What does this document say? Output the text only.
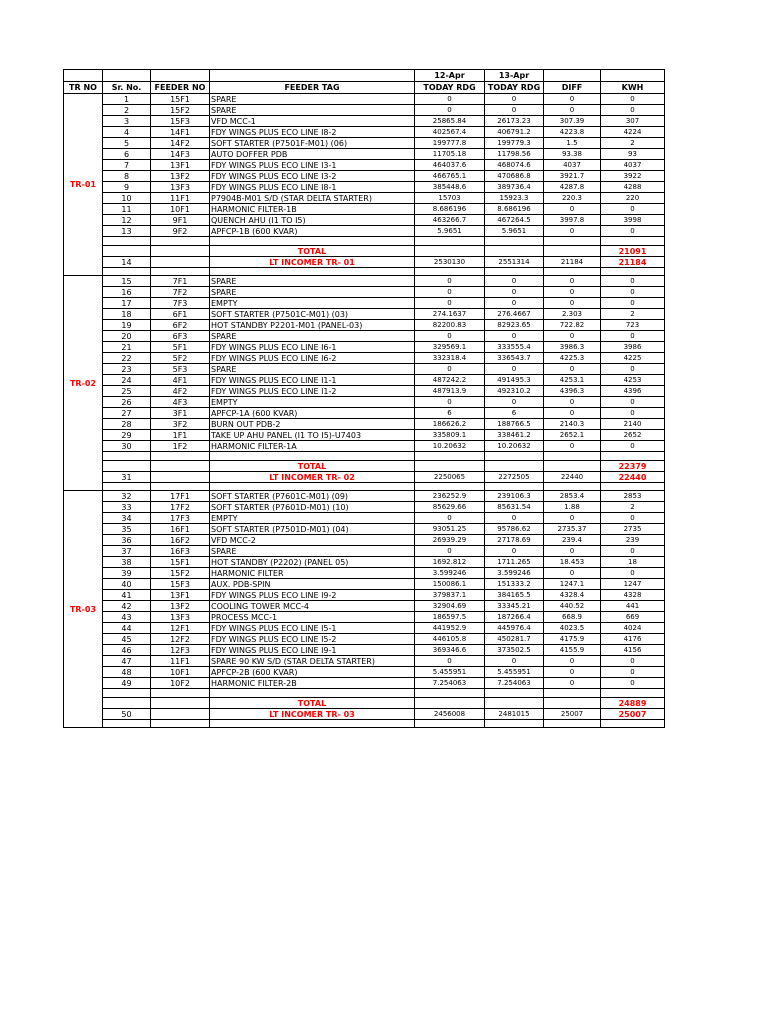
				12-Apr	13-Apr		
TR NO	Sr. No.	FEEDER NO	FEEDER TAG	TODAY RDG	TODAY RDG	DIFF	KWH
TR-01	1	15F1	SPARE	0	0	0	0
	2	15F2	SPARE	0	0	0	0
	3	15F3	VFD MCC-1	25865.84	26173.23	307.39	307
	4	14F1	FDY WINGS PLUS ECO LINE I8-2	402567.4	406791.2	4223.8	4224
	5	14F2	SOFT STARTER (P7501F-M01) (06)	199777.8	199779.3	1.5	2
	6	14F3	AUTO DOFFER PDB	11705.18	11798.56	93.38	93
	7	13F1	FDY WINGS PLUS ECO LINE I3-1	464037.6	468074.6	4037	4037
	8	13F2	FDY WINGS PLUS ECO LINE I3-2	466765.1	470686.8	3921.7	3922
	9	13F3	FDY WINGS PLUS ECO LINE I8-1	385448.6	389736.4	4287.8	4288
	10	11F1	P7904B-M01 S/D (STAR DELTA STARTER)	15703	15923.3	220.3	220
	11	10F1	HARMONIC FILTER-1B	8.686196	8.686196	0	0
	12	9F1	QUENCH AHU (I1 TO I5)	463266.7	467264.5	3997.8	3998
	13	9F2	APFCP-1B (600 KVAR)	5.9651	5.9651	0	0

			TOTAL				21091
	14		LT INCOMER TR- 01	2530130	2551314	21184	21184

TR-02	15	7F1	SPARE	0	0	0	0
	16	7F2	SPARE	0	0	0	0
	17	7F3	EMPTY	0	0	0	0
	18	6F1	SOFT STARTER (P7501C-M01) (03)	274.1637	276.4667	2.303	2
	19	6F2	HOT STANDBY P2201-M01 (PANEL-03)	82200.83	82923.65	722.82	723
	20	6F3	SPARE	0	0	0	0
	21	5F1	FDY WINGS PLUS ECO LINE I6-1	329569.1	333555.4	3986.3	3986
	22	5F2	FDY WINGS PLUS ECO LINE I6-2	332318.4	336543.7	4225.3	4225
	23	5F3	SPARE	0	0	0	0
	24	4F1	FDY WINGS PLUS ECO LINE I1-1	487242.2	491495.3	4253.1	4253
	25	4F2	FDY WINGS PLUS ECO LINE I1-2	487913.9	492310.2	4396.3	4396
	26	4F3	EMPTY	0	0	0	0
	27	3F1	APFCP-1A (600 KVAR)	6	6	0	0
	28	3F2	BURN OUT PDB-2	186626.2	188766.5	2140.3	2140
	29	1F1	TAKE UP AHU PANEL (I1 TO I5)-U7403	335809.1	338461.2	2652.1	2652
	30	1F2	HARMONIC FILTER-1A	10.20632	10.20632	0	0

			TOTAL				22379
	31		LT INCOMER TR- 02	2250065	2272505	22440	22440

TR-03	32	17F1	SOFT STARTER (P7601C-M01) (09)	236252.9	239106.3	2853.4	2853
	33	17F2	SOFT STARTER (P7601D-M01) (10)	85629.66	85631.54	1.88	2
	34	17F3	EMPTY	0	0	0	0
	35	16F1	SOFT STARTER (P7501D-M01) (04)	93051.25	95786.62	2735.37	2735
	36	16F2	VFD MCC-2	26939.29	27178.69	239.4	239
	37	16F3	SPARE	0	0	0	0
	38	15F1	HOT STANDBY (P2202) (PANEL 05)	1692.812	1711.265	18.453	18
	39	15F2	HARMONIC FILTER	3.599246	3.599246	0	0
	40	15F3	AUX. PDB-SPIN	150086.1	151333.2	1247.1	1247
	41	13F1	FDY WINGS PLUS ECO LINE I9-2	379837.1	384165.5	4328.4	4328
	42	13F2	COOLING TOWER MCC-4	32904.69	33345.21	440.52	441
	43	13F3	PROCESS MCC-1	186597.5	187266.4	668.9	669
	44	12F1	FDY WINGS PLUS ECO LINE I5-1	441952.9	445976.4	4023.5	4024
	45	12F2	FDY WINGS PLUS ECO LINE I5-2	446105.8	450281.7	4175.9	4176
	46	12F3	FDY WINGS PLUS ECO LINE I9-1	369346.6	373502.5	4155.9	4156
	47	11F1	SPARE 90 KW S/D (STAR DELTA STARTER)	0	0	0	0
	48	10F1	APFCP-2B (600 KVAR)	5.455951	5.455951	0	0
	49	10F2	HARMONIC FILTER-2B	7.254063	7.254063	0	0

			TOTAL				24889
	50		LT INCOMER TR- 03	2456008	2481015	25007	25007
